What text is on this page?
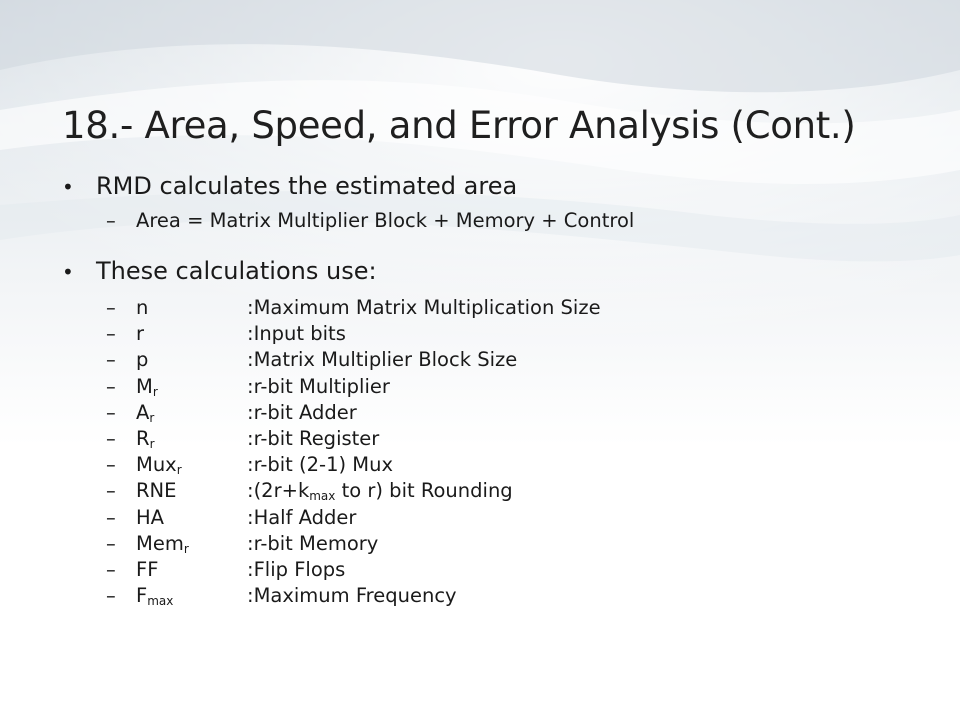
18.- Area, Speed, and Error Analysis (Cont.)
• RMD calculates the estimated area
–	Area = Matrix Multiplier Block + Memory + Control
• These calculations use:
–	n	:Maximum Matrix Multiplication Size
–	r	:Input bits
–	p	:Matrix Multiplier Block Size
–	$M_r$	:r-bit Multiplier
–	$A_r$	:r-bit Adder
–	$R_r$	:r-bit Register
–	Mux$_r$	:r-bit (2-1) Mux
–	RNE	$:(2r+k_{max}$ to r) bit Rounding
–	HA	:Half Adder
–	Mem$_r$	:r-bit Memory
–	FF	:Flip Flops
–	$F_{max}$	:Maximum Frequency
